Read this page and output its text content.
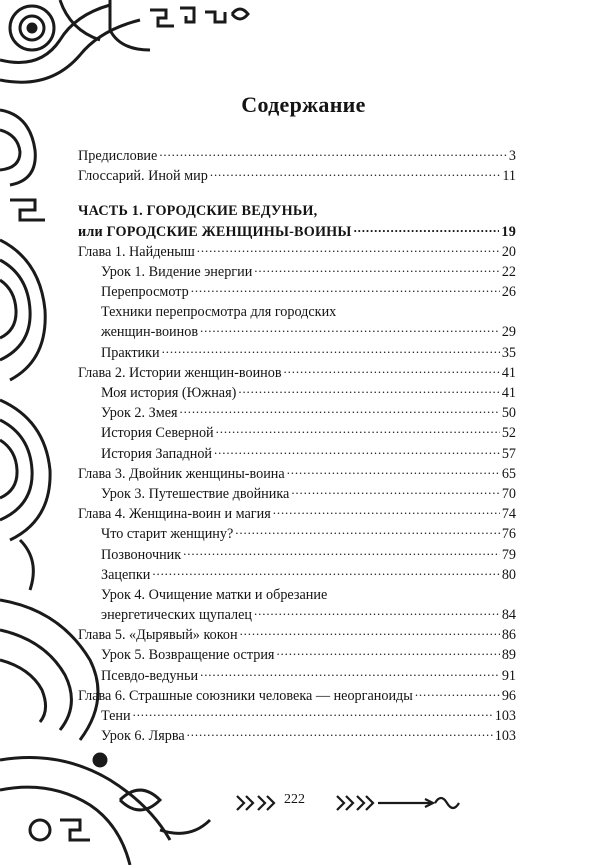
Содержание
Предисловие . . .	3
Глоссарий. Иной мир . . .	11
ЧАСТЬ 1. ГОРОДСКИЕ ВЕДУНЬИ,
или ГОРОДСКИЕ ЖЕНЩИНЫ-ВОИНЫ . . .	19
Глава 1. Найденыш . . .	20
Урок 1. Видение энергии . . .	22
Перепросмотр . . .	26
Техники перепросмотра для городских
женщин-воинов . . .	29
Практики . . .	35
Глава 2. Истории женщин-воинов . . .	41
Моя история (Южная) . . .	41
Урок 2. Змея . . .	50
История Северной . . .	52
История Западной . . .	57
Глава 3. Двойник женщины-воина . . .	65
Урок 3. Путешествие двойника . . .	70
Глава 4. Женщина-воин и магия . . .	74
Что старит женщину? . . .	76
Позвоночник . . .	79
Зацепки . . .	80
Урок 4. Очищение матки и обрезание
энергетических щупалец . . .	84
Глава 5. «Дырявый» кокон . . .	86
Урок 5. Возвращение острия . . .	89
Псевдо-ведуньи . . .	91
Глава 6. Страшные союзники человека — неорганоиды . . .	96
Тени . . .	103
Урок 6. Лярва . . .	103
222
